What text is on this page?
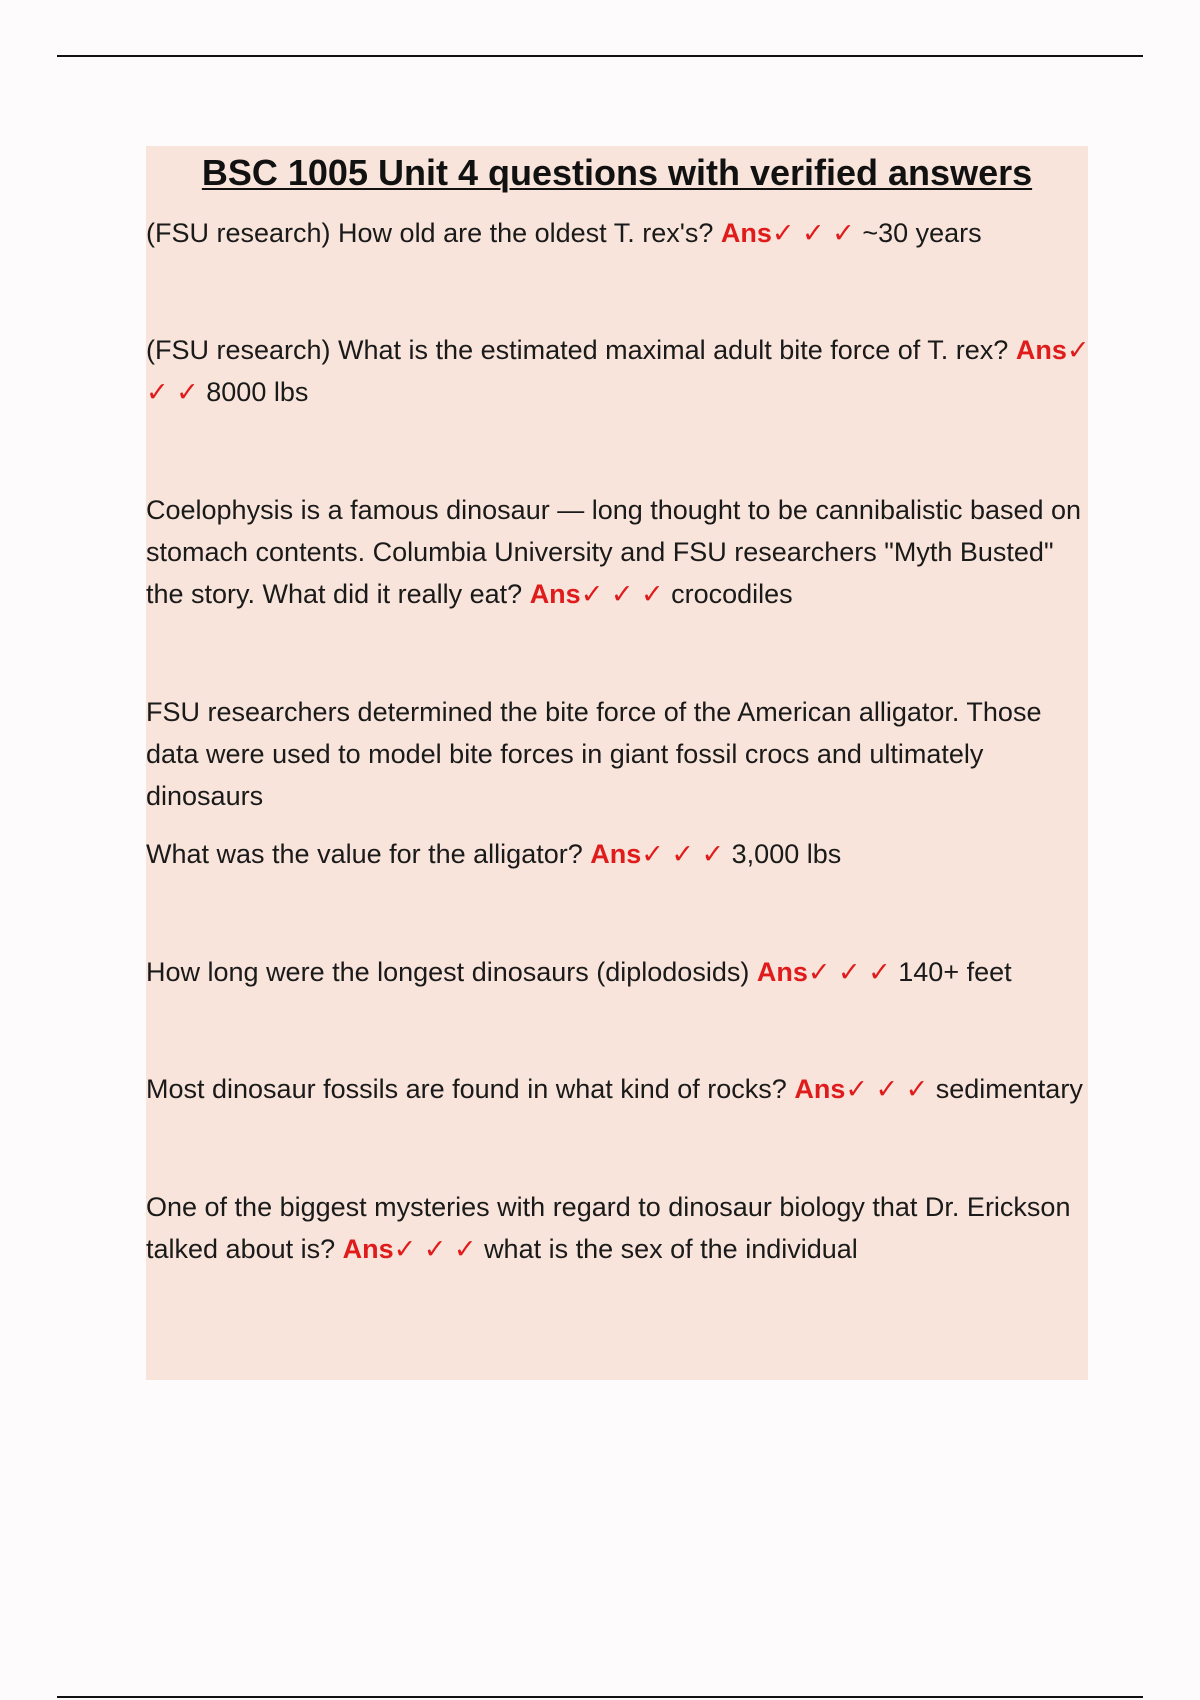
BSC 1005 Unit 4 questions with verified answers

(FSU research) How old are the oldest T. rex's? Ans✓ ✓ ✓ ~30 years

(FSU research) What is the estimated maximal adult bite force of T. rex? Ans✓ ✓ ✓ 8000 lbs

Coelophysis is a famous dinosaur — long thought to be cannibalistic based on stomach contents. Columbia University and FSU researchers "Myth Busted" the story. What did it really eat? Ans✓ ✓ ✓ crocodiles

FSU researchers determined the bite force of the American alligator. Those data were used to model bite forces in giant fossil crocs and ultimately dinosaurs

What was the value for the alligator? Ans✓ ✓ ✓ 3,000 lbs

How long were the longest dinosaurs (diplodosids) Ans✓ ✓ ✓ 140+ feet

Most dinosaur fossils are found in what kind of rocks? Ans✓ ✓ ✓ sedimentary

One of the biggest mysteries with regard to dinosaur biology that Dr. Erickson talked about is? Ans✓ ✓ ✓ what is the sex of the individual
